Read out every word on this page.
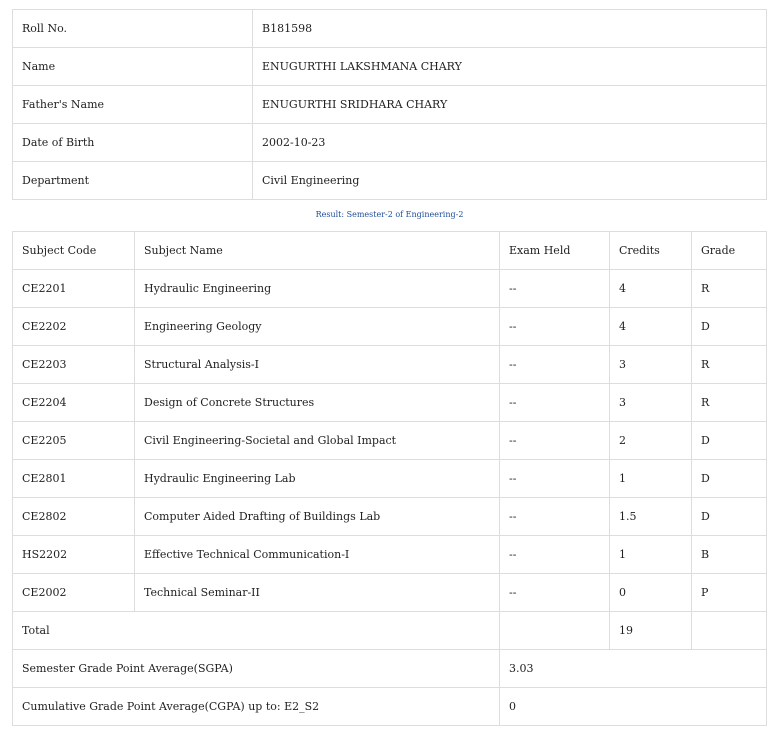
Roll No.	B181598
Name	ENUGURTHI LAKSHMANA CHARY
Father's Name	ENUGURTHI SRIDHARA CHARY
Date of Birth	2002-10-23
Department	Civil Engineering
Result: Semester-2 of Engineering-2
Subject Code	Subject Name	Exam Held	Credits	Grade
CE2201	Hydraulic Engineering	--	4	R
CE2202	Engineering Geology	--	4	D
CE2203	Structural Analysis-I	--	3	R
CE2204	Design of Concrete Structures	--	3	R
CE2205	Civil Engineering-Societal and Global Impact	--	2	D
CE2801	Hydraulic Engineering Lab	--	1	D
CE2802	Computer Aided Drafting of Buildings Lab	--	1.5	D
HS2202	Effective Technical Communication-I	--	1	B
CE2002	Technical Seminar-II	--	0	P
Total			19	
Semester Grade Point Average(SGPA)		3.03		
Cumulative Grade Point Average(CGPA) up to: E2_S2		0		
